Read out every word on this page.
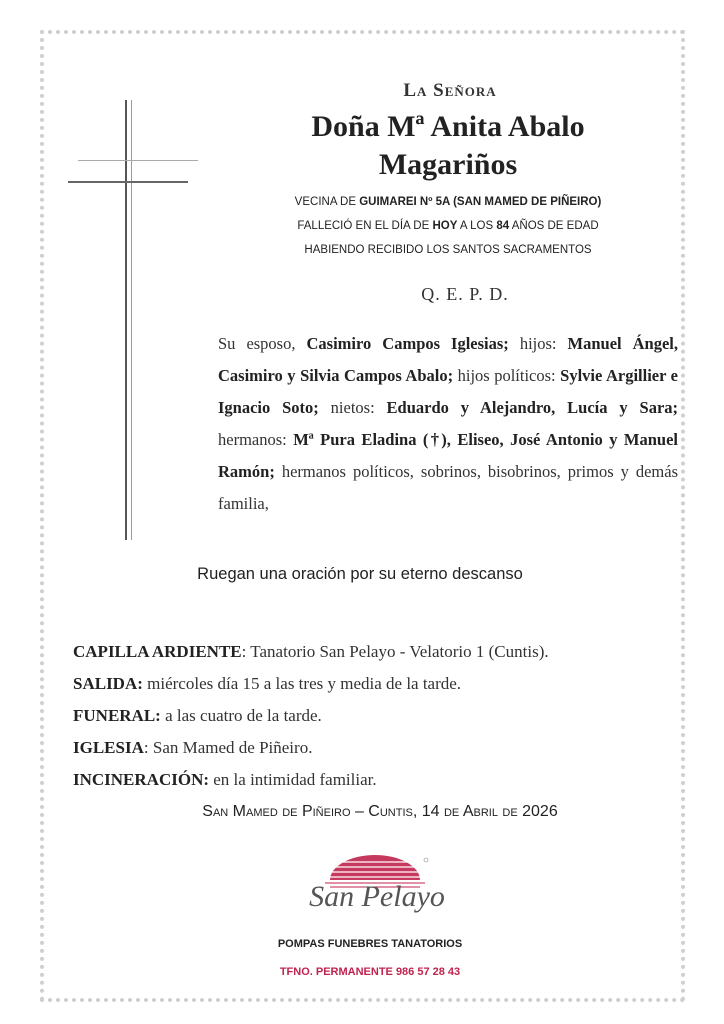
La Señora
Doña Mª Anita Abalo
Magariños
VECINA DE GUIMAREI Nº 5A (SAN MAMED DE PIÑEIRO)
FALLECIÓ EN EL DÍA DE HOY A LOS 84 AÑOS DE EDAD
HABIENDO RECIBIDO LOS SANTOS SACRAMENTOS
Q. E. P. D.
Su esposo, Casimiro Campos Iglesias; hijos: Manuel Ángel, Casimiro y Silvia Campos Abalo; hijos políticos: Sylvie Argillier e Ignacio Soto; nietos: Eduardo y Alejandro, Lucía y Sara; hermanos: Mª Pura Eladina (†), Eliseo, José Antonio y Manuel Ramón; hermanos políticos, sobrinos, bisobrinos, primos y demás familia,
Ruegan una oración por su eterno descanso
CAPILLA ARDIENTE: Tanatorio San Pelayo - Velatorio 1 (Cuntis).
SALIDA: miércoles día 15 a las tres y media de la tarde.
FUNERAL: a las cuatro de la tarde.
IGLESIA: San Mamed de Piñeiro.
INCINERACIÓN: en la intimidad familiar.
San Mamed de Piñeiro – Cuntis, 14 de Abril de 2026
San Pelayo
POMPAS FUNEBRES TANATORIOS
TFNO. PERMANENTE 986 57 28 43
